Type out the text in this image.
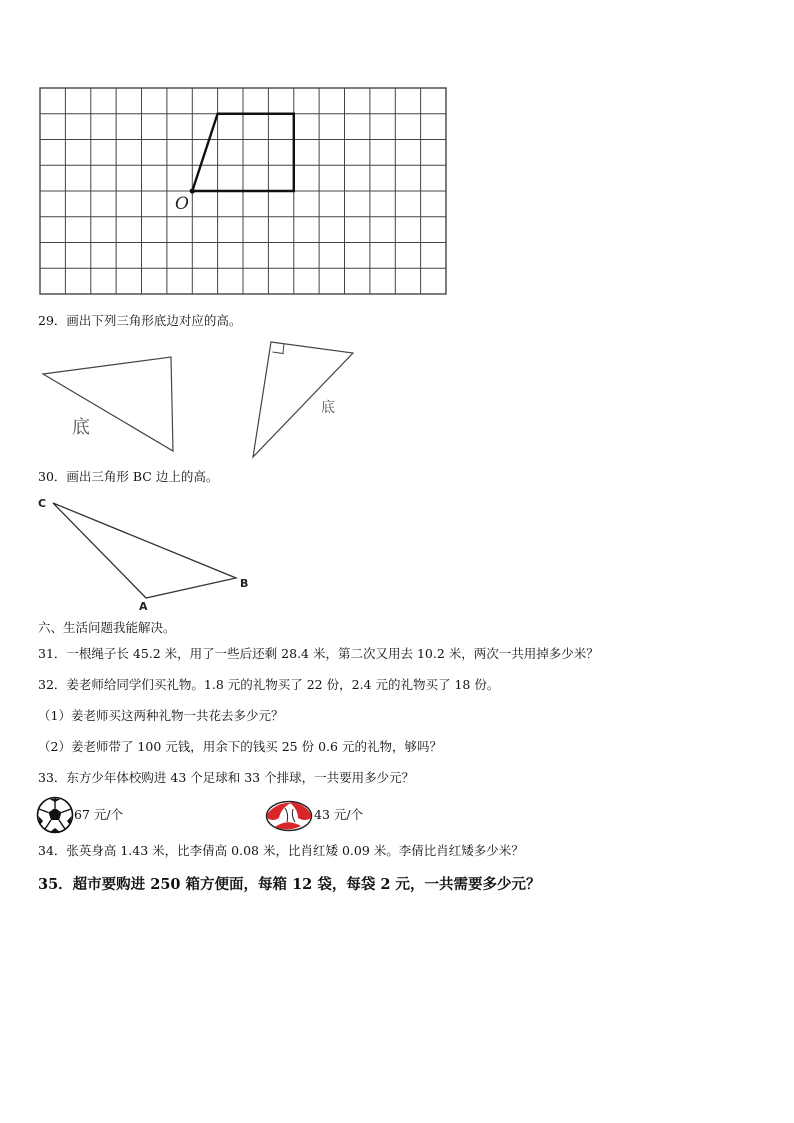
O
29．画出下列三角形底边对应的高。
底
底
30．画出三角形 BC 边上的高。
C
B
A
六、生活问题我能解决。
31．一根绳子长 45.2 米，用了一些后还剩 28.4 米，第二次又用去 10.2 米，两次一共用掉多少米？
32．姜老师给同学们买礼物。1.8 元的礼物买了 22 份，2.4 元的礼物买了 18 份。
（1）姜老师买这两种礼物一共花去多少元？
（2）姜老师带了 100 元钱，用余下的钱买 25 份 0.6 元的礼物，够吗？
33．东方少年体校购进 43 个足球和 33 个排球，一共要用多少元？
67 元/个	43 元/个
34．张英身高 1.43 米，比李倩高 0.08 米，比肖红矮 0.09 米。李倩比肖红矮多少米？
35．超市要购进 250 箱方便面，每箱 12 袋，每袋 2 元，一共需要多少元？
